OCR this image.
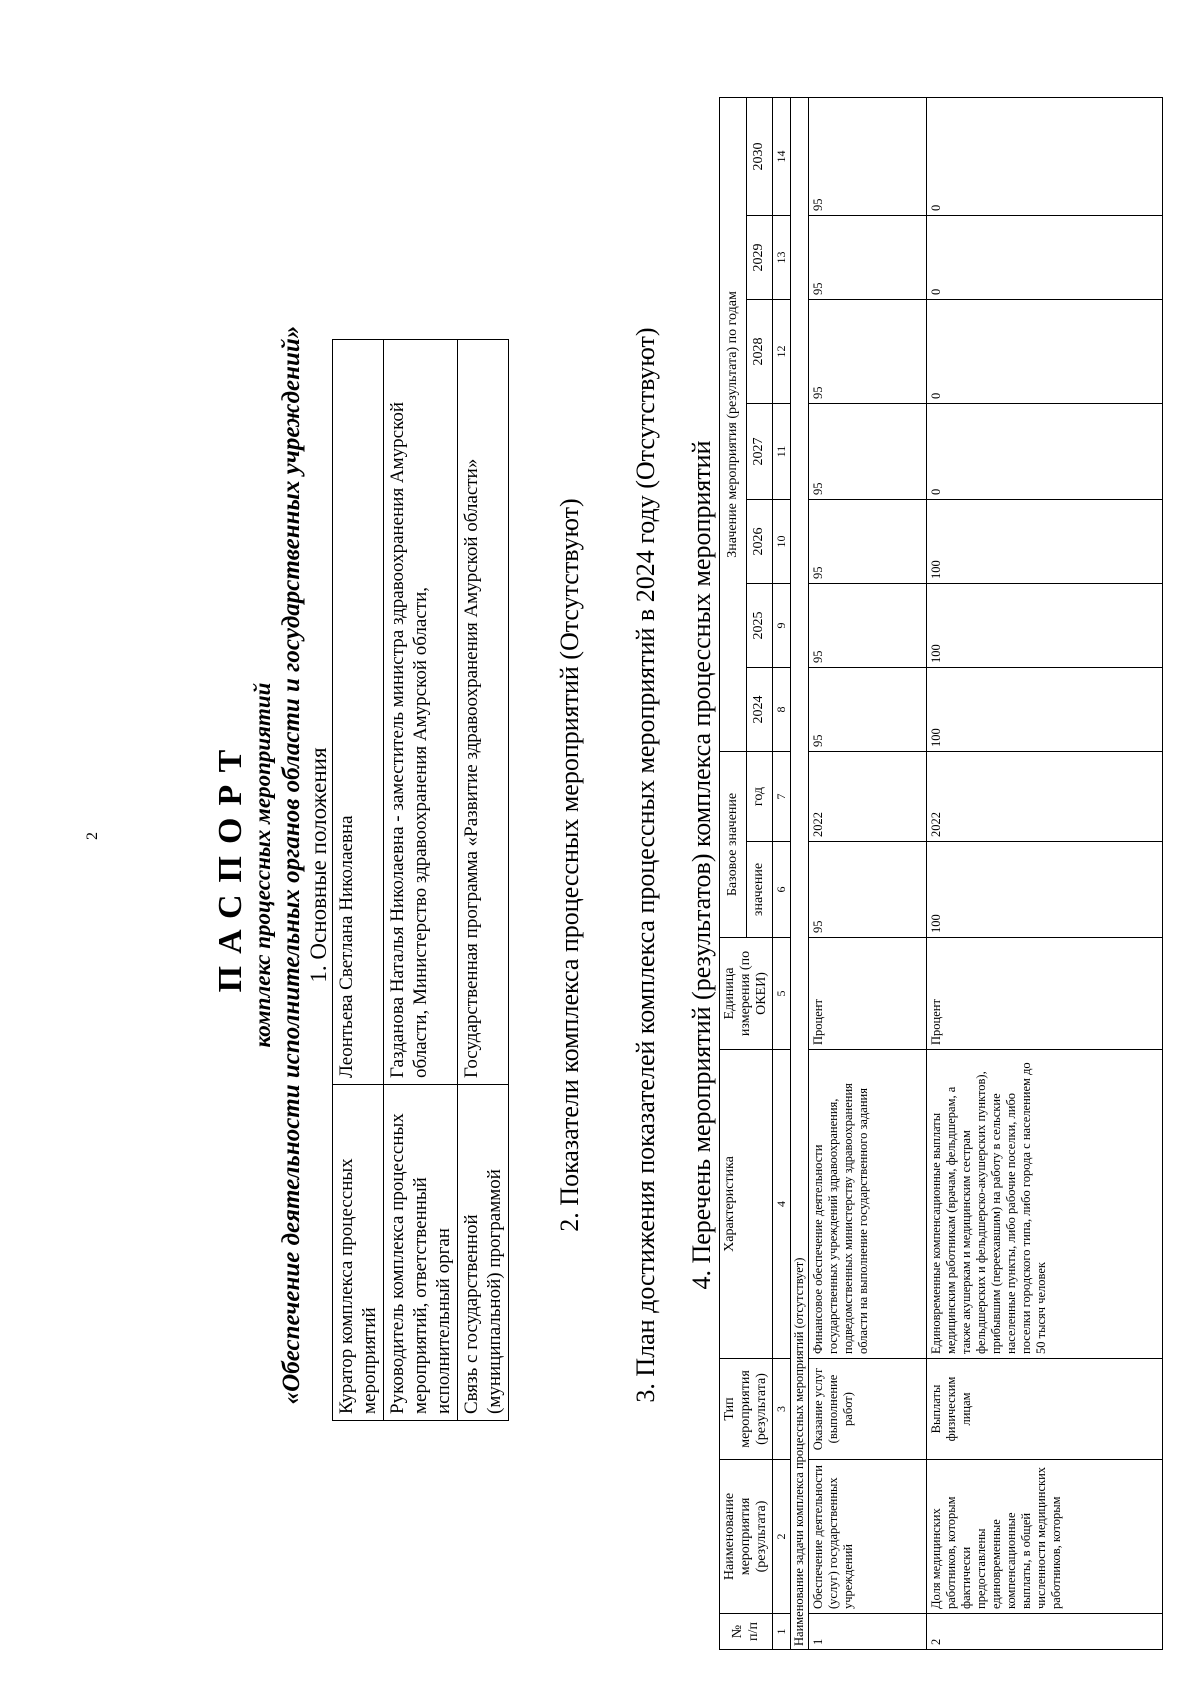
2	ПАСПОРТ комплекс процессных мероприятий «Обеспечение деятельности исполнительных органов области и государственных учреждений» 1. Основные положения
Куратор комплекса процессных мероприятий	Леонтьева Светлана Николаевна
Руководитель комплекса процессных мероприятий, ответственный исполнительный орган	Газданова Наталья Николаевна - заместитель министра здравоохранения Амурской области, Министерство здравоохранения Амурской области,
Связь с государственной (муниципальной) программой	Государственная программа «Развитие здравоохранения Амурской области»	2. Показатели комплекса процессных мероприятий (Отсутствуют) 3. План достижения показателей комплекса процессных мероприятий в 2024 году (Отсутствуют) 4. Перечень мероприятий (результатов) комплекса процессных мероприятий
№ п/п	Наименование мероприятия (результата)	Тип мероприятия (результата)	Характеристика	Единица измерения (по ОКЕИ)	Базовое значение		Значение мероприятия (результата) по годам						
					значение	год	2024	2025	2026	2027	2028	2029	2030
1	2	3	4	5	6	7	8	9	10	11	12	13	14
Наименование задачи комплекса процессных мероприятий (отсутствует)													
1	Обеспечение деятельности (услуг) государственных учреждений	Оказание услуг (выполнение работ)	Финансовое обеспечение деятельности государственных учреждений здравоохранения, подведомственных министерству здравоохранения области на выполнение государственного задания	Процент	95	2022	95	95	95	95	95	95	95
2	Доля медицинских работников, которым фактически предоставлены единовременные компенсационные выплаты, в общей численности медицинских работников, которым	Выплаты физическим лицам	Единовременные компенсационные выплаты медицинским работникам (врачам, фельдшерам, а также акушеркам и медицинским сестрам фельдшерских и фельдшерско-акушерских пунктов), прибывшим (переехавшим) на работу в сельские населенные пункты, либо рабочие поселки, либо поселки городского типа, либо города с населением до 50 тысяч человек	Процент	100	2022	100	100	100	0	0	0	0
